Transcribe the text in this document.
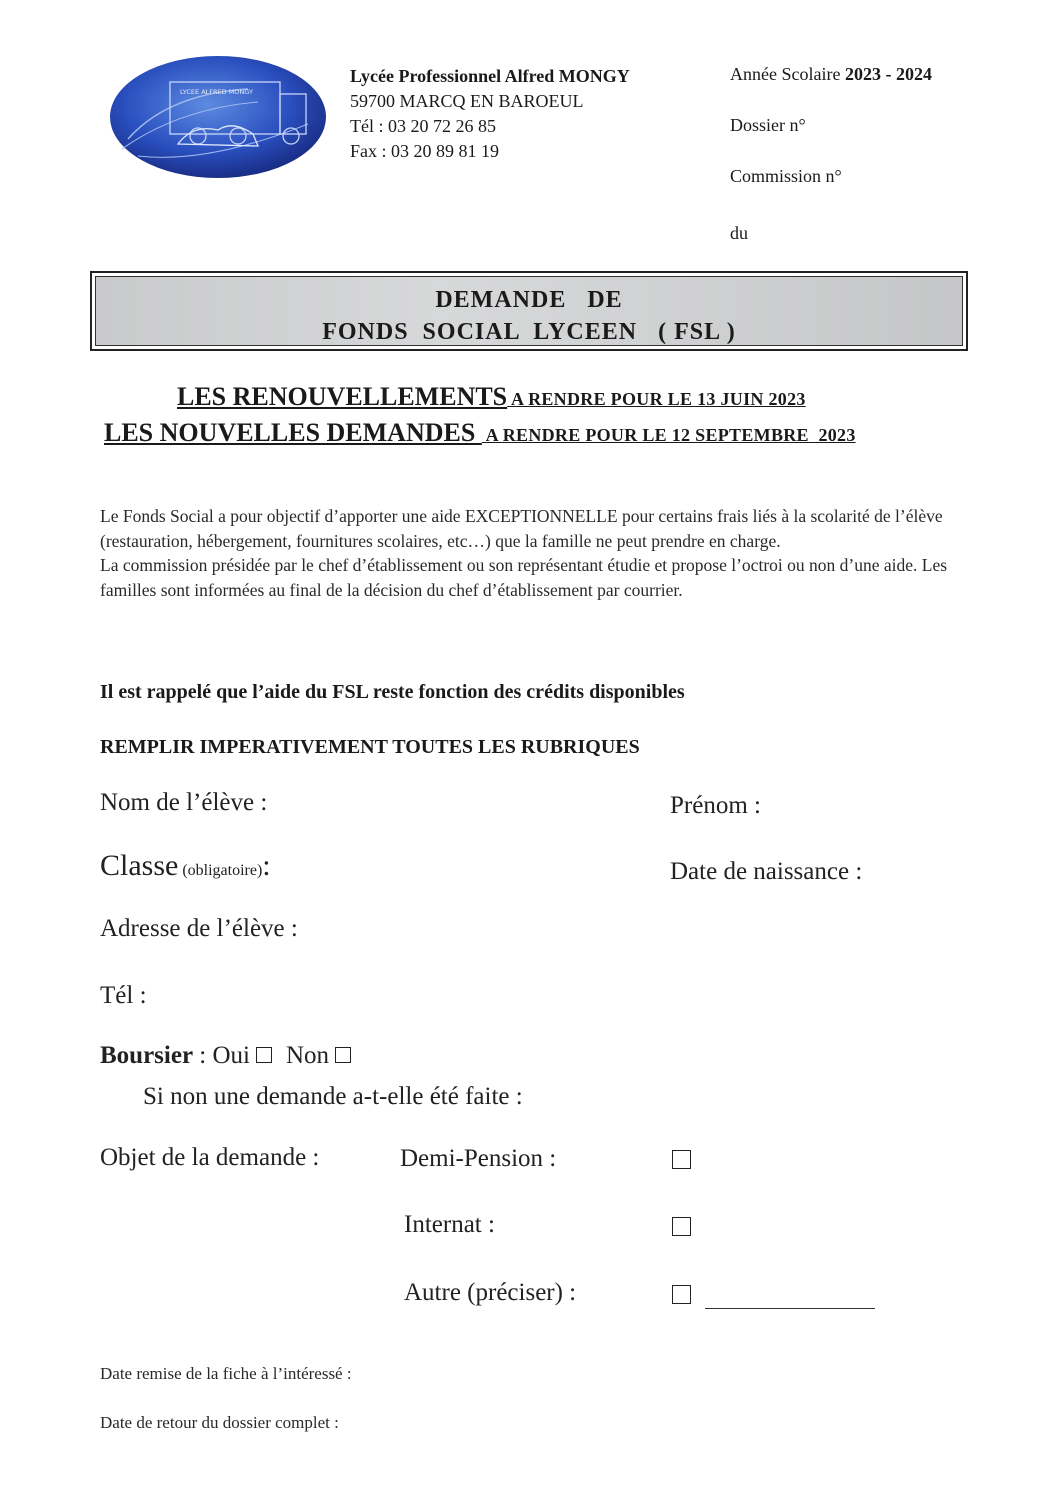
LYCEE ALFRED MONGY
Lycée Professionnel Alfred MONGY
59700 MARCQ EN BAROEUL
Tél : 03 20 72 26 85
Fax : 03 20 89 81 19
Année Scolaire 2023 - 2024
Dossier n°
Commission n°
du
DEMANDE   DE
FONDS  SOCIAL  LYCEEN   ( FSL )
LES RENOUVELLEMENTS A RENDRE POUR LE 13 JUIN 2023
LES NOUVELLES DEMANDES  A RENDRE POUR LE 12 SEPTEMBRE  2023

Le Fonds Social a pour objectif d’apporter une aide EXCEPTIONNELLE pour certains frais liés à la scolarité de l’élève (restauration, hébergement, fournitures scolaires, etc…) que la famille ne peut prendre en charge.

La commission présidée par le chef d’établissement ou son représentant étudie et propose l’octroi ou non d’une aide. Les familles sont informées au final de la décision du chef d’établissement par courrier.

Il est rappelé que l’aide du FSL reste fonction des crédits disponibles
REMPLIR IMPERATIVEMENT TOUTES LES RUBRIQUES
Nom de l’élève :	Prénom :
Classe (obligatoire):	Date de naissance :
Adresse de l’élève :
Tél :
Boursier : Oui Non
Si non une demande a-t-elle été faite :
Objet de la demande :	Demi-Pension :
Internat :
Autre (préciser) :
Date remise de la fiche à l’intéressé :
Date de retour du dossier complet :
